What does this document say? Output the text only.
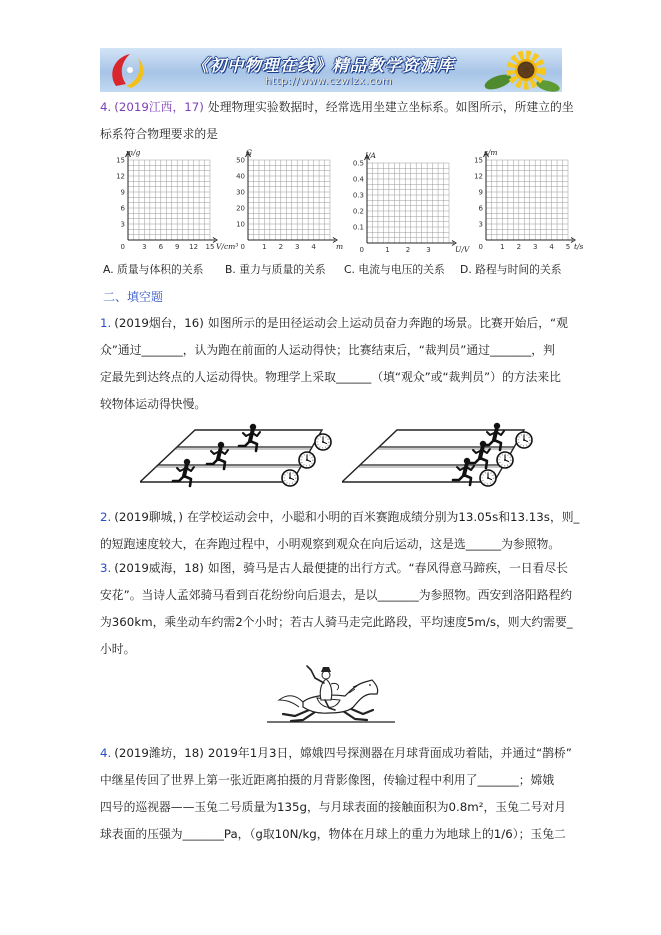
《初中物理在线》精品教学资源库
http://www.czwlzx.com
4. (2019江西，17) 处理物理实验数据时，经常选用坐建立坐标系。如图所示，所建立的坐
标系符合物理要求的是
m/g
3
6
9
12
15
0 3 6 9 12 15 V/cm³
G
10
20
30
40
50
0 1 2 3 4	m
I/A
0.1
0.2
0.3
0.4
0.5
0	1 2 3	U/V
s/m
3
6
9
12
15
0 1 2 3 4 5 t/s
A. 质量与体积的关系 B. 重力与质量的关系 C. 电流与电压的关系 D. 路程与时间的关系
二、填空题
1. (2019烟台，16) 如图所示的是田径运动会上运动员奋力奔跑的场景。比赛开始后，“观
众”通过_______，认为跑在前面的人运动得快；比赛结束后，“裁判员”通过_______，判
定最先到达终点的人运动得快。物理学上采取______（填“观众”或“裁判员”）的方法来比
较物体运动得快慢。
2. (2019聊城，) 在学校运动会中，小聪和小明的百米赛跑成绩分别为13.05s和13.13s，则_
的短跑速度较大，在奔跑过程中，小明观察到观众在向后运动，这是选______为参照物。
3. (2019威海，18) 如图，骑马是古人最便捷的出行方式。“春风得意马蹄疾，一日看尽长
安花”。当诗人孟郊骑马看到百花纷纷向后退去，是以_______为参照物。西安到洛阳路程约
为360km，乘坐动车约需2个小时；若古人骑马走完此路段，平均速度5m/s，则大约需要_
小时。
4. (2019潍坊，18) 2019年1月3日，嫦娥四号探测器在月球背面成功着陆，并通过“鹊桥”
中继星传回了世界上第一张近距离拍摄的月背影像图，传输过程中利用了_______；嫦娥
四号的巡视器——玉兔二号质量为135g，与月球表面的接触面积为0.8m²，玉兔二号对月
球表面的压强为_______Pa，（g取10N/kg，物体在月球上的重力为地球上的1/6）；玉兔二
